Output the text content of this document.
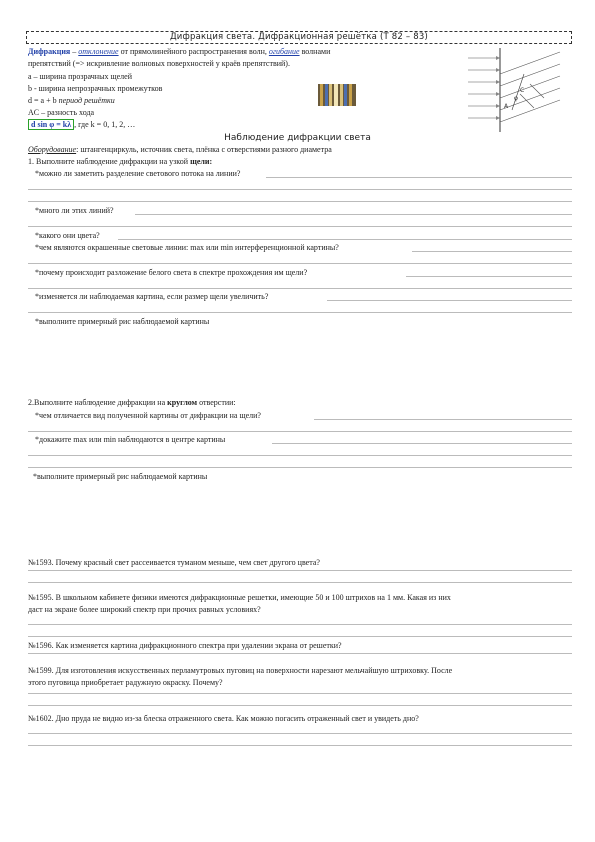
Дифракция света. Дифракционная решётка (Т 82 – 83)
Дифракция – отклонение от прямолинейного распространения волн, огибание волнами
препятствий (=> искривление волновых поверхностей у краёв препятствий).
a – ширина прозрачных щелей
b - ширина непрозрачных промежутков
d = a + b период решётки
AC – разность хода
d sin φ = kλ , где k = 0, 1, 2, …
A
C
φ
Наблюдение дифракции света
Оборудование: штангенциркуль, источник света, плёнка с отверстиями разного диаметра
1. Выполните наблюдение дифракции на узкой щели:
*можно ли заметить разделение светового потока на линии?
*много ли этих линий?
*какого они цвета?
*чем являются окрашенные световые линии: max или min интерференционной картины?
*почему происходит разложение белого света в спектре прохождения им щели?
*изменяется ли наблюдаемая картина, если размер щели увеличить?
*выполните примерный рис наблюдаемой картины
2.Выполните наблюдение дифракции на круглом отверстии:
*чем отличается вид полученной картины от дифракции на щели?
*докажите max или min наблюдаются в центре картины
*выполните примерный рис наблюдаемой картины
№1593. Почему красный свет рассеивается туманом меньше, чем свет другого цвета?
№1595. В школьном кабинете физики имеются дифракционные решетки, имеющие 50 и 100 штрихов на 1 мм. Какая из них
даст на экране более широкий спектр при прочих равных условиях?
№1596. Как изменяется картина дифракционного спектра при удалении экрана от решетки?
№1599. Для изготовления искусственных перламутровых пуговиц на поверхности нарезают мельчайшую штриховку. После
этого пуговица приобретает радужную окраску. Почему?
№1602. Дно пруда не видно из-за блеска отраженного света. Как можно погасить отраженный свет и увидеть дно?
